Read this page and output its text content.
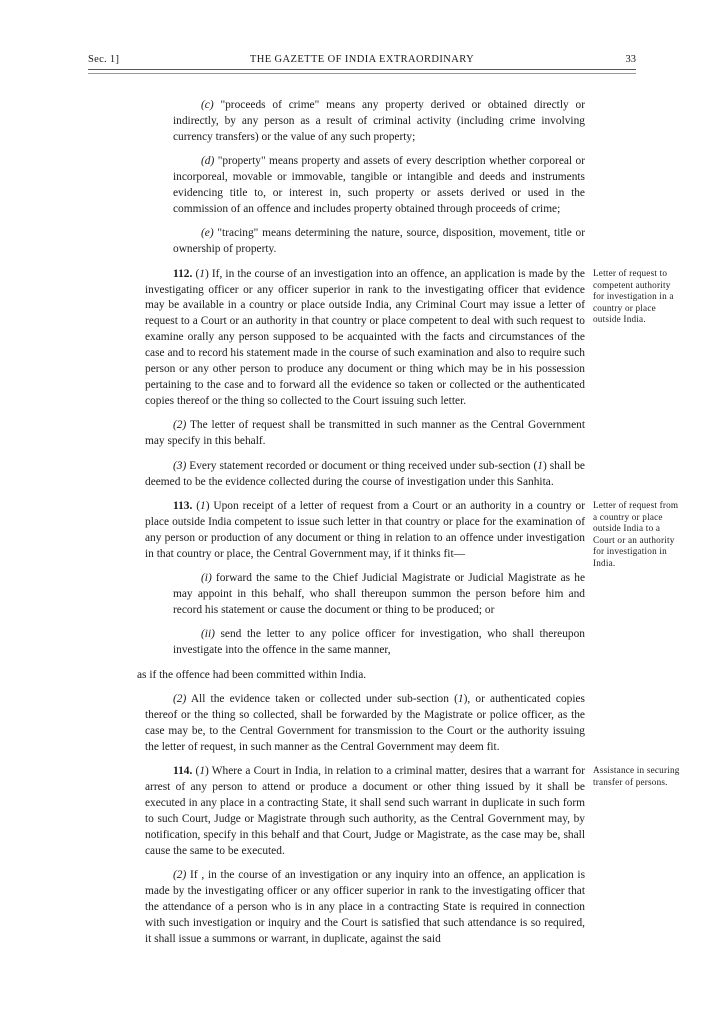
Sec. 1]	THE GAZETTE OF INDIA EXTRAORDINARY	33

(c) "proceeds of crime" means any property derived or obtained directly or indirectly, by any person as a result of criminal activity (including crime involving currency transfers) or the value of any such property;

(d) "property" means property and assets of every description whether corporeal or incorporeal, movable or immovable, tangible or intangible and deeds and instruments evidencing title to, or interest in, such property or assets derived or used in the commission of an offence and includes property obtained through proceeds of crime;

(e) "tracing" means determining the nature, source, disposition, movement, title or ownership of property.

112. (1) If, in the course of an investigation into an offence, an application is made by the investigating officer or any officer superior in rank to the investigating officer that evidence may be available in a country or place outside India, any Criminal Court may issue a letter of request to a Court or an authority in that country or place competent to deal with such request to examine orally any person supposed to be acquainted with the facts and circumstances of the case and to record his statement made in the course of such examination and also to require such person or any other person to produce any document or thing which may be in his possession pertaining to the case and to forward all the evidence so taken or collected or the authenticated copies thereof or the thing so collected to the Court issuing such letter.

(2) The letter of request shall be transmitted in such manner as the Central Government may specify in this behalf.

(3) Every statement recorded or document or thing received under sub-section (1) shall be deemed to be the evidence collected during the course of investigation under this Sanhita.

113. (1) Upon receipt of a letter of request from a Court or an authority in a country or place outside India competent to issue such letter in that country or place for the examination of any person or production of any document or thing in relation to an offence under investigation in that country or place, the Central Government may, if it thinks fit—

(i) forward the same to the Chief Judicial Magistrate or Judicial Magistrate as he may appoint in this behalf, who shall thereupon summon the person before him and record his statement or cause the document or thing to be produced; or

(ii) send the letter to any police officer for investigation, who shall thereupon investigate into the offence in the same manner,

as if the offence had been committed within India.

(2) All the evidence taken or collected under sub-section (1), or authenticated copies thereof or the thing so collected, shall be forwarded by the Magistrate or police officer, as the case may be, to the Central Government for transmission to the Court or the authority issuing the letter of request, in such manner as the Central Government may deem fit.

114. (1) Where a Court in India, in relation to a criminal matter, desires that a warrant for arrest of any person to attend or produce a document or other thing issued by it shall be executed in any place in a contracting State, it shall send such warrant in duplicate in such form to such Court, Judge or Magistrate through such authority, as the Central Government may, by notification, specify in this behalf and that Court, Judge or Magistrate, as the case may be, shall cause the same to be executed.

(2) If , in the course of an investigation or any inquiry into an offence, an application is made by the investigating officer or any officer superior in rank to the investigating officer that the attendance of a person who is in any place in a contracting State is required in connection with such investigation or inquiry and the Court is satisfied that such attendance is so required, it shall issue a summons or warrant, in duplicate, against the said

Letter of request to competent authority for investigation in a country or place outside India.
Letter of request from a country or place outside India to a Court or an authority for investigation in India.
Assistance in securing transfer of persons.
